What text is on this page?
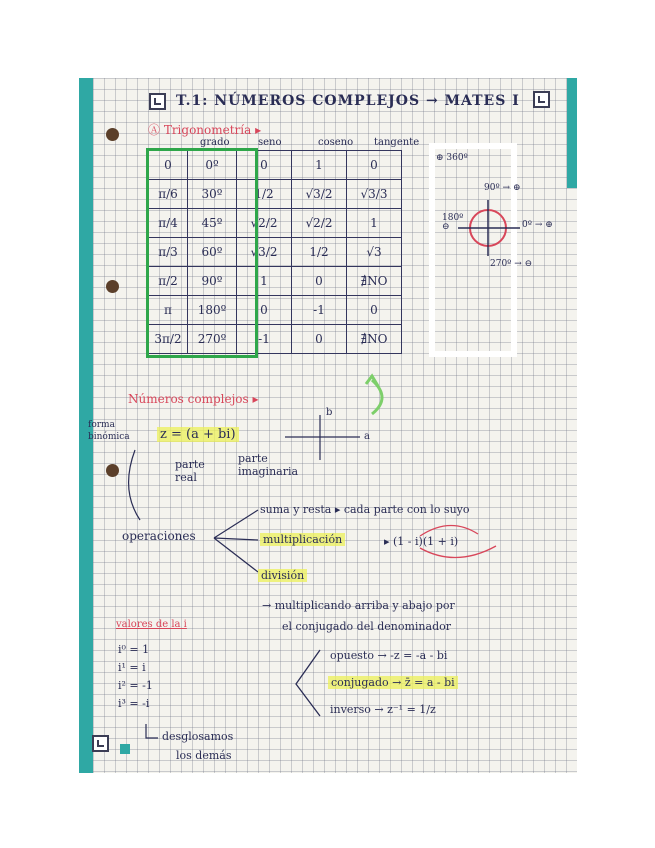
T.1: NÚMEROS COMPLEJOS → MATES I
Ⓐ Trigonometría ▸
grado	seno	coseno tangente
0	0º	0	1	0
π/6	30º	1/2	√3/2	√3/3
π/4	45º	√2/2	√2/2	1
π/3	60º	√3/2	1/2	√3
π/2	90º	1	0	∄NO
π	180º	0	-1	0
3π/2	270º	-1	0	∄NO
⊕ 360º
90º → ⊕
0º → ⊕
180º ⊖
270º → ⊖
Números complejos ▸
forma binómica	z = (a + bi)
parte real
parte imaginaria
b
a
operaciones
suma y resta ▸ cada parte con lo suyo
multiplicación	▸ (1 - i)(1 + i)
división
→ multiplicando arriba y abajo por
el conjugado del denominador
opuesto → -z = -a - bi
conjugado → z̄ = a - bi
inverso → z⁻¹ = 1/z
valores de la i
i⁰ = 1
i¹ = i
i² = -1
i³ = -i
desglosamos
los demás
